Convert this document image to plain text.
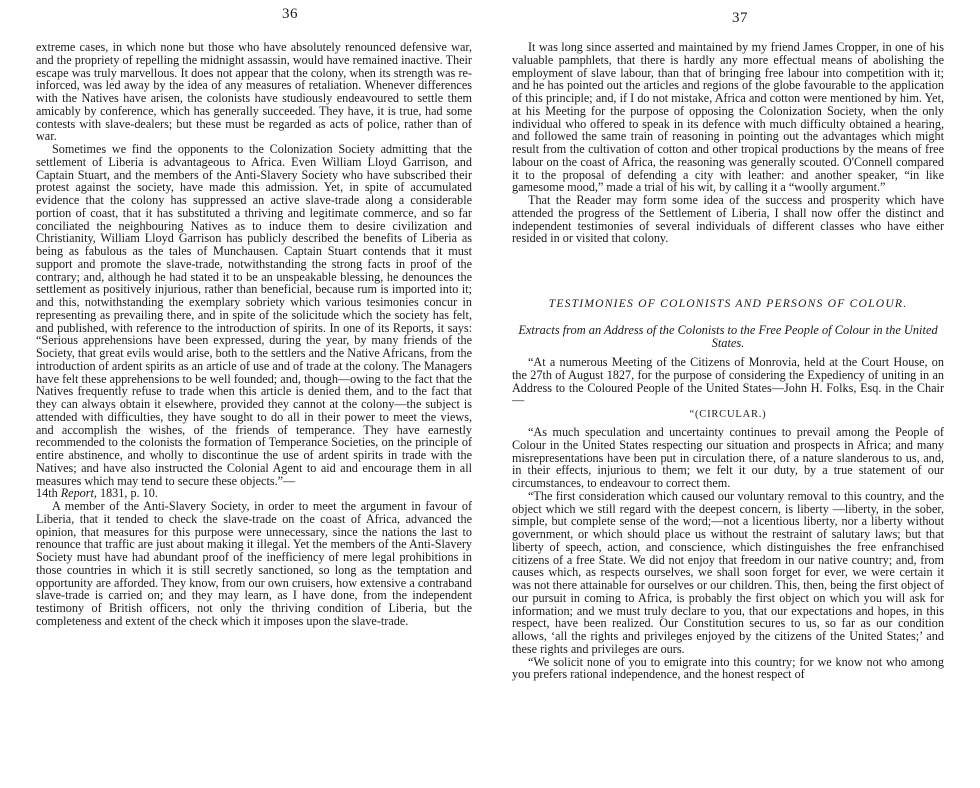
36

extreme cases, in which none but those who have absolutely renounced defensive war, and the propriety of repelling the midnight assassin, would have remained inactive. Their escape was truly marvellous. It does not appear that the colony, when its strength was re-inforced, was led away by the idea of any measures of retaliation. Whenever differences with the Natives have arisen, the colonists have studiously endeavoured to settle them amicably by conference, which has generally succeeded. They have, it is true, had some contests with slave-dealers; but these must be regarded as acts of police, rather than of war.

Sometimes we find the opponents to the Colonization Society admitting that the settlement of Liberia is advantageous to Africa. Even William Lloyd Garrison, and Captain Stuart, and the members of the Anti-Slavery Society who have subscribed their protest against the society, have made this admission. Yet, in spite of accumulated evidence that the colony has suppressed an active slave-trade along a considerable portion of coast, that it has substituted a thriving and legitimate commerce, and so far conciliated the neighbouring Natives as to induce them to desire civilization and Christianity, William Lloyd Garrison has publicly described the benefits of Liberia as being as fabulous as the tales of Munchausen. Captain Stuart contends that it must support and promote the slave-trade, notwithstanding the strong facts in proof of the contrary; and, although he had stated it to be an unspeakable blessing, he denounces the settlement as positively injurious, rather than beneficial, because rum is imported into it; and this, notwithstanding the exemplary sobriety which various tesimonies concur in representing as prevailing there, and in spite of the solicitude which the society has felt, and published, with reference to the introduction of spirits. In one of its Reports, it says: “Serious apprehensions have been expressed, during the year, by many friends of the Society, that great evils would arise, both to the settlers and the Native Africans, from the introduction of ardent spirits as an article of use and of trade at the colony. The Managers have felt these apprehensions to be well founded; and, though—owing to the fact that the Natives frequently refuse to trade when this article is denied them, and to the fact that they can always obtain it elsewhere, provided they cannot at the colony—the subject is attended with difficulties, they have sought to do all in their power to meet the views, and accomplish the wishes, of the friends of temperance. They have earnestly recommended to the colonists the formation of Temperance Societies, on the principle of entire abstinence, and wholly to discontinue the use of ardent spirits in trade with the Natives; and have also instructed the Colonial Agent to aid and encourage them in all measures which may tend to secure these objects.”—

14th Report, 1831, p. 10.

A member of the Anti-Slavery Society, in order to meet the argument in favour of Liberia, that it tended to check the slave-trade on the coast of Africa, advanced the opinion, that measures for this purpose were unnecessary, since the nations the last to renounce that traffic are just about making it illegal. Yet the members of the Anti-Slavery Society must have had abundant proof of the inefficiency of mere legal prohibitions in those countries in which it is still secretly sanctioned, so long as the temptation and opportunity are afforded. They know, from our own cruisers, how extensive a contraband slave-trade is carried on; and they may learn, as I have done, from the independent testimony of British officers, not only the thriving condition of Liberia, but the completeness and extent of the check which it imposes upon the slave-trade.

37

It was long since asserted and maintained by my friend James Cropper, in one of his valuable pamphlets, that there is hardly any more effectual means of abolishing the employment of slave labour, than that of bringing free labour into competition with it; and he has pointed out the articles and regions of the globe favourable to the application of this principle; and, if I do not mistake, Africa and cotton were mentioned by him. Yet, at his Meeting for the purpose of opposing the Colonization Society, when the only individual who offered to speak in its defence with much difficulty obtained a hearing, and followed the same train of reasoning in pointing out the advantages which might result from the cultivation of cotton and other tropical productions by the means of free labour on the coast of Africa, the reasoning was generally scouted. O'Connell compared it to the proposal of defending a city with leather: and another speaker, “in like gamesome mood,” made a trial of his wit, by calling it a “woolly argument.”

That the Reader may form some idea of the success and prosperity which have attended the progress of the Settlement of Liberia, I shall now offer the distinct and independent testimonies of several individuals of different classes who have either resided in or visited that colony.

TESTIMONIES OF COLONISTS AND PERSONS OF COLOUR.
Extracts from an Address of the Colonists to the Free People of Colour in the United States.

“At a numerous Meeting of the Citizens of Monrovia, held at the Court House, on the 27th of August 1827, for the purpose of considering the Expediency of uniting in an Address to the Coloured People of the United States—John H. Folks, Esq. in the Chair—

“(CIRCULAR.)

“As much speculation and uncertainty continues to prevail among the People of Colour in the United States respecting our situation and prospects in Africa; and many misrepresentations have been put in circulation there, of a nature slanderous to us, and, in their effects, injurious to them; we felt it our duty, by a true statement of our circumstances, to endeavour to correct them.

“The first consideration which caused our voluntary removal to this country, and the object which we still regard with the deepest concern, is liberty —liberty, in the sober, simple, but complete sense of the word;—not a licentious liberty, nor a liberty without government, or which should place us without the restraint of salutary laws; but that liberty of speech, action, and conscience, which distinguishes the free enfranchised citizens of a free State. We did not enjoy that freedom in our native country; and, from causes which, as respects ourselves, we shall soon forget for ever, we were certain it was not there attainable for ourselves or our children. This, then, being the first object of our pursuit in coming to Africa, is probably the first object on which you will ask for information; and we must truly declare to you, that our expectations and hopes, in this respect, have been realized. Our Constitution secures to us, so far as our condition allows, ‘all the rights and privileges enjoyed by the citizens of the United States;’ and these rights and privileges are ours.

“We solicit none of you to emigrate into this country; for we know not who among you prefers rational independence, and the honest respect of
